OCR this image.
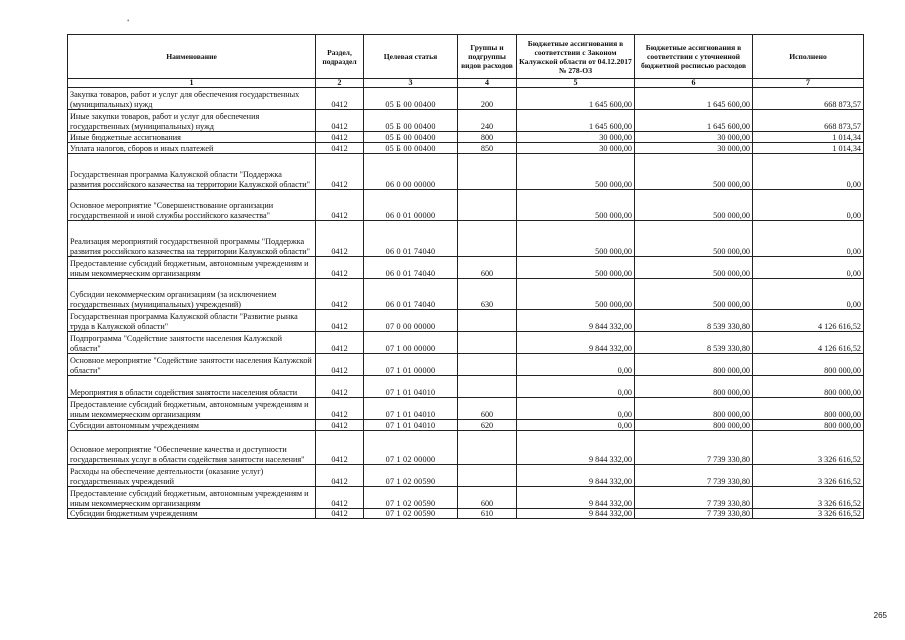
•
Наименование	Раздел, подраздел	Целевая статья	Группы и подгруппы видов расходов	Бюджетные ассигнования в соответствии с Законом Калужской области от 04.12.2017 № 278-ОЗ	Бюджетные ассигнования в соответствии с уточненной бюджетной росписью расходов	Исполнено
1	2	3	4	5	6	7
Закупка товаров, работ и услуг для обеспечения государственных (муниципальных) нужд	0412	05 Б 00 00400	200	1 645 600,00	1 645 600,00	668 873,57
Иные закупки товаров, работ и услуг для обеспечения государственных (муниципальных) нужд	0412	05 Б 00 00400	240	1 645 600,00	1 645 600,00	668 873,57
Иные бюджетные ассигнования	0412	05 Б 00 00400	800	30 000,00	30 000,00	1 014,34
Уплата налогов, сборов и иных платежей	0412	05 Б 00 00400	850	30 000,00	30 000,00	1 014,34
Государственная программа Калужской области "Поддержка развития российского казачества на территории Калужской области"	0412	06 0 00 00000		500 000,00	500 000,00	0,00
Основное мероприятие "Совершенствование организации государственной и иной службы российского казачества"	0412	06 0 01 00000		500 000,00	500 000,00	0,00
Реализация мероприятий государственной программы "Поддержка развития российского казачества на территории Калужской области"	0412	06 0 01 74040		500 000,00	500 000,00	0,00
Предоставление субсидий бюджетным, автономным учреждениям и иным некоммерческим организациям	0412	06 0 01 74040	600	500 000,00	500 000,00	0,00
Субсидии некоммерческим организациям (за исключением государственных (муниципальных) учреждений)	0412	06 0 01 74040	630	500 000,00	500 000,00	0,00
Государственная программа Калужской области "Развитие рынка труда в Калужской области"	0412	07 0 00 00000		9 844 332,00	8 539 330,80	4 126 616,52
Подпрограмма "Содействие занятости населения Калужской области"	0412	07 1 00 00000		9 844 332,00	8 539 330,80	4 126 616,52
Основное мероприятие "Содействие занятости населения Калужской области"	0412	07 1 01 00000		0,00	800 000,00	800 000,00
Мероприятия в области содействия занятости населения области	0412	07 1 01 04010		0,00	800 000,00	800 000,00
Предоставление субсидий бюджетным, автономным учреждениям и иным некоммерческим организациям	0412	07 1 01 04010	600	0,00	800 000,00	800 000,00
Субсидии автономным учреждениям	0412	07 1 01 04010	620	0,00	800 000,00	800 000,00
Основное мероприятие "Обеспечение качества и доступности государственных услуг в области содействия занятости населения"	0412	07 1 02 00000		9 844 332,00	7 739 330,80	3 326 616,52
Расходы на обеспечение деятельности (оказание услуг) государственных учреждений	0412	07 1 02 00590		9 844 332,00	7 739 330,80	3 326 616,52
Предоставление субсидий бюджетным, автономным учреждениям и иным некоммерческим организациям	0412	07 1 02 00590	600	9 844 332,00	7 739 330,80	3 326 616,52
Субсидии бюджетным учреждениям	0412	07 1 02 00590	610	9 844 332,00	7 739 330,80	3 326 616,52
265
